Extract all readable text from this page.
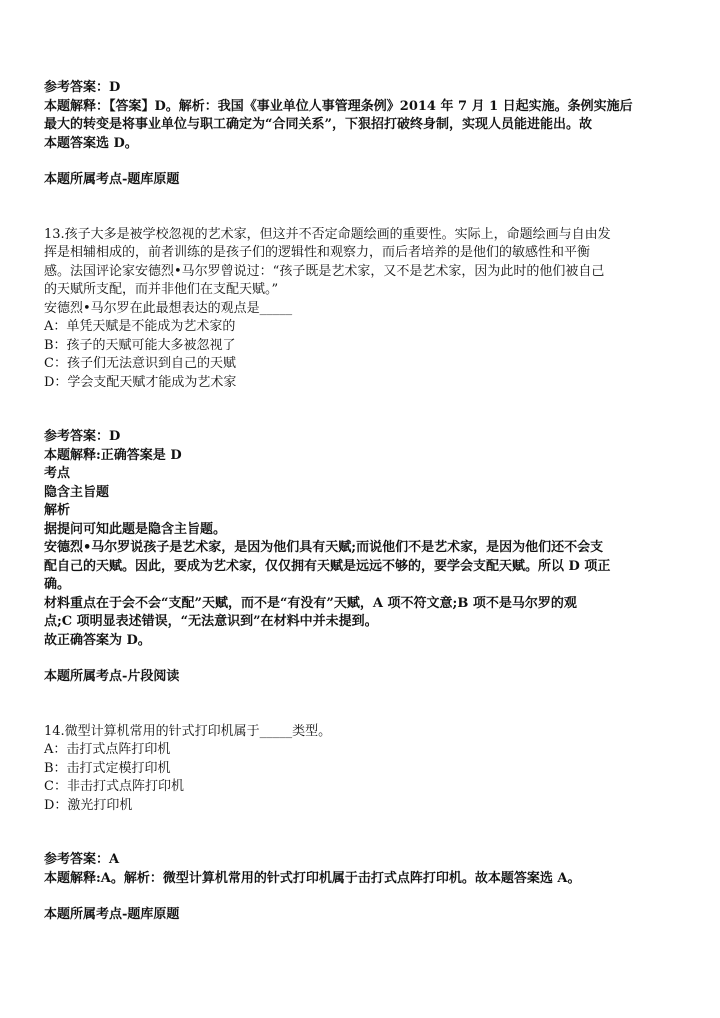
参考答案：D
本题解释：【答案】D。解析：我国《事业单位人事管理条例》2014 年 7 月 1 日起实施。条例实施后
最大的转变是将事业单位与职工确定为“合同关系”，下狠招打破终身制，实现人员能进能出。故
本题答案选 D。
本题所属考点-题库原题
13.孩子大多是被学校忽视的艺术家，但这并不否定命题绘画的重要性。实际上，命题绘画与自由发
挥是相辅相成的，前者训练的是孩子们的逻辑性和观察力，而后者培养的是他们的敏感性和平衡
感。法国评论家安德烈•马尔罗曾说过：“孩子既是艺术家，又不是艺术家，因为此时的他们被自己
的天赋所支配，而并非他们在支配天赋。”
安德烈•马尔罗在此最想表达的观点是_____
A：单凭天赋是不能成为艺术家的
B：孩子的天赋可能大多被忽视了
C：孩子们无法意识到自己的天赋
D：学会支配天赋才能成为艺术家
参考答案：D
本题解释:正确答案是 D
考点
隐含主旨题
解析
据提问可知此题是隐含主旨题。
安德烈•马尔罗说孩子是艺术家，是因为他们具有天赋;而说他们不是艺术家，是因为他们还不会支
配自己的天赋。因此，要成为艺术家，仅仅拥有天赋是远远不够的，要学会支配天赋。所以 D 项正
确。
材料重点在于会不会“支配”天赋，而不是“有没有”天赋，A 项不符文意;B 项不是马尔罗的观
点;C 项明显表述错误，“无法意识到”在材料中并未提到。
故正确答案为 D。
本题所属考点-片段阅读
14.微型计算机常用的针式打印机属于_____类型。
A：击打式点阵打印机
B：击打式定模打印机
C：非击打式点阵打印机
D：激光打印机
参考答案：A
本题解释:A。解析：微型计算机常用的针式打印机属于击打式点阵打印机。故本题答案选 A。
本题所属考点-题库原题
